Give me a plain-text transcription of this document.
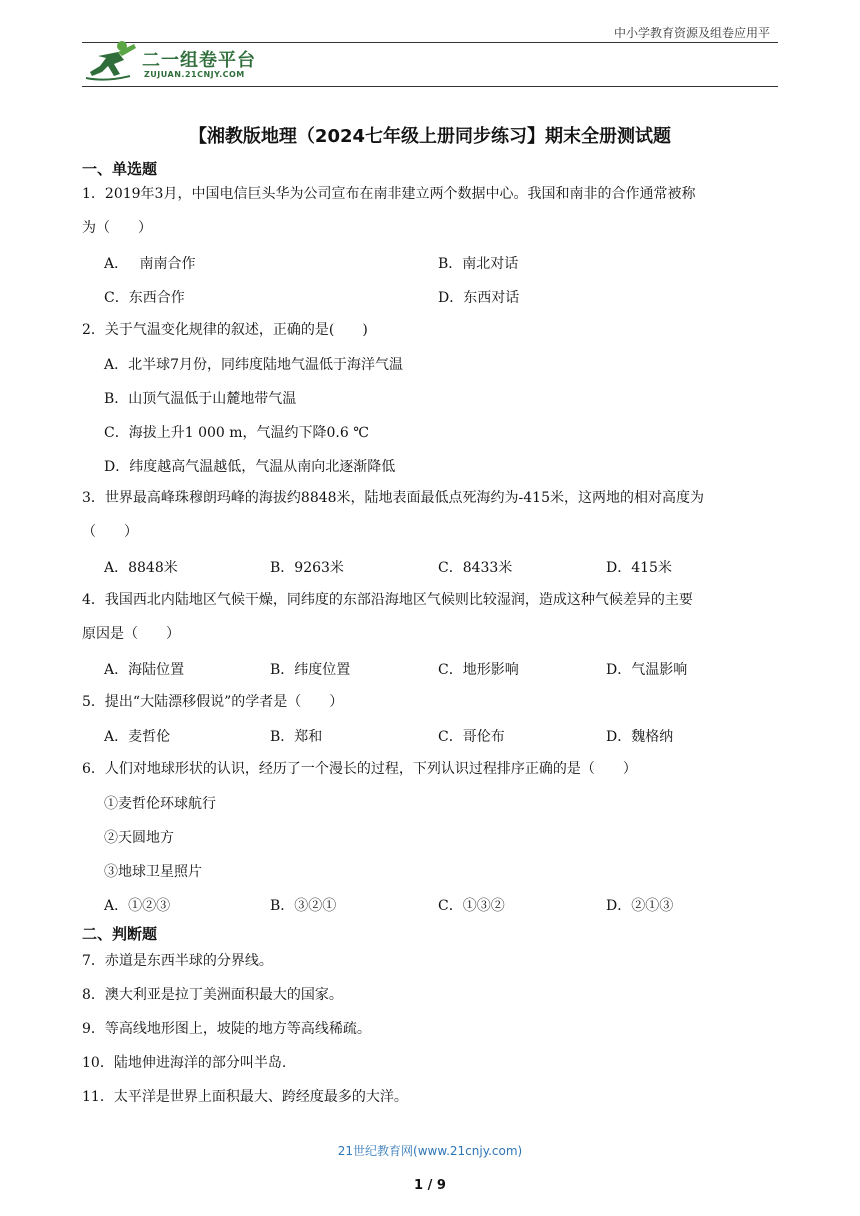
中小学教育资源及组卷应用平
二一组卷平台
ZUJUAN.21CNJY.COM
【湘教版地理（2024七年级上册同步练习】期末全册测试题
一、单选题
1．2019年3月，中国电信巨头华为公司宣布在南非建立两个数据中心。我国和南非的合作通常被称
为（　　）
A．　 南南合作	B．南北对话
C．东西合作	D．东西对话
2．关于气温变化规律的叙述，正确的是(　　)
A．北半球7月份，同纬度陆地气温低于海洋气温
B．山顶气温低于山麓地带气温
C．海拔上升1 000 m，气温约下降0.6 ℃
D．纬度越高气温越低，气温从南向北逐渐降低
3．世界最高峰珠穆朗玛峰的海拔约8848米，陆地表面最低点死海约为-415米，这两地的相对高度为
（　　）
A．8848米	B．9263米	C．8433米	D．415米
4．我国西北内陆地区气候干燥，同纬度的东部沿海地区气候则比较湿润，造成这种气候差异的主要
原因是（　　）
A．海陆位置	B．纬度位置	C．地形影响	D．气温影响
5．提出“大陆漂移假说”的学者是（　　）
A．麦哲伦	B．郑和	C．哥伦布	D．魏格纳
6．人们对地球形状的认识，经历了一个漫长的过程，下列认识过程排序正确的是（　　）
①麦哲伦环球航行
②天圆地方
③地球卫星照片
A．①②③	B．③②①	C．①③②	D．②①③
二、判断题
7．赤道是东西半球的分界线。
8．澳大利亚是拉丁美洲面积最大的国家。
9．等高线地形图上，坡陡的地方等高线稀疏。
10．陆地伸进海洋的部分叫半岛.
11．太平洋是世界上面积最大、跨经度最多的大洋。
21世纪教育网(www.21cnjy.com)
1 / 9
